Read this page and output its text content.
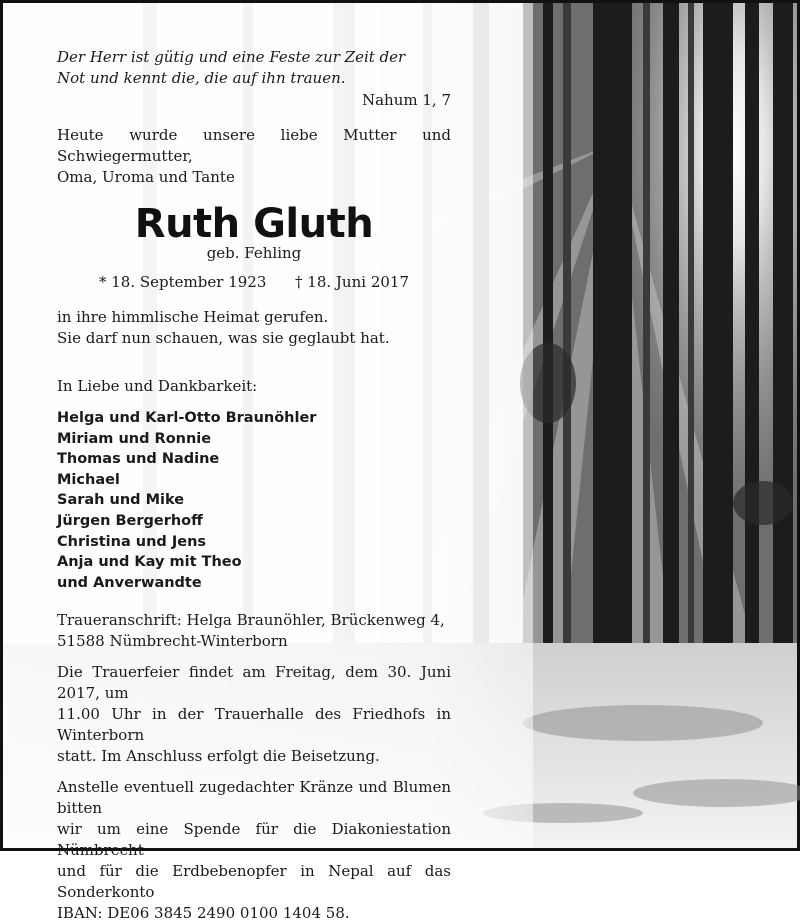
Der Herr ist gütig und eine Feste zur Zeit der

Not und kennt die, die auf ihn trauen.

Nahum 1, 7

Heute wurde unsere liebe Mutter und Schwiegermutter,

Oma, Uroma und Tante

Ruth Gluth

geb. Fehling

* 18. September 1923 † 18. Juni 2017

in ihre himmlische Heimat gerufen.

Sie darf nun schauen, was sie geglaubt hat.

In Liebe und Dankbarkeit:

Helga und Karl-Otto Braunöhler

Miriam und Ronnie

Thomas und Nadine

Michael

Sarah und Mike

Jürgen Bergerhoff

Christina und Jens

Anja und Kay mit Theo

und Anverwandte

Traueranschrift: Helga Braunöhler, Brückenweg 4,

51588 Nümbrecht-Winterborn

Die Trauerfeier findet am Freitag, dem 30. Juni 2017, um

11.00 Uhr in der Trauerhalle des Friedhofs in Winterborn

statt. Im Anschluss erfolgt die Beisetzung.

Anstelle eventuell zugedachter Kränze und Blumen bitten

wir um eine Spende für die Diakoniestation Nümbrecht

und für die Erdbebenopfer in Nepal auf das Sonderkonto

IBAN: DE06 3845 2490 0100 1404 58.
